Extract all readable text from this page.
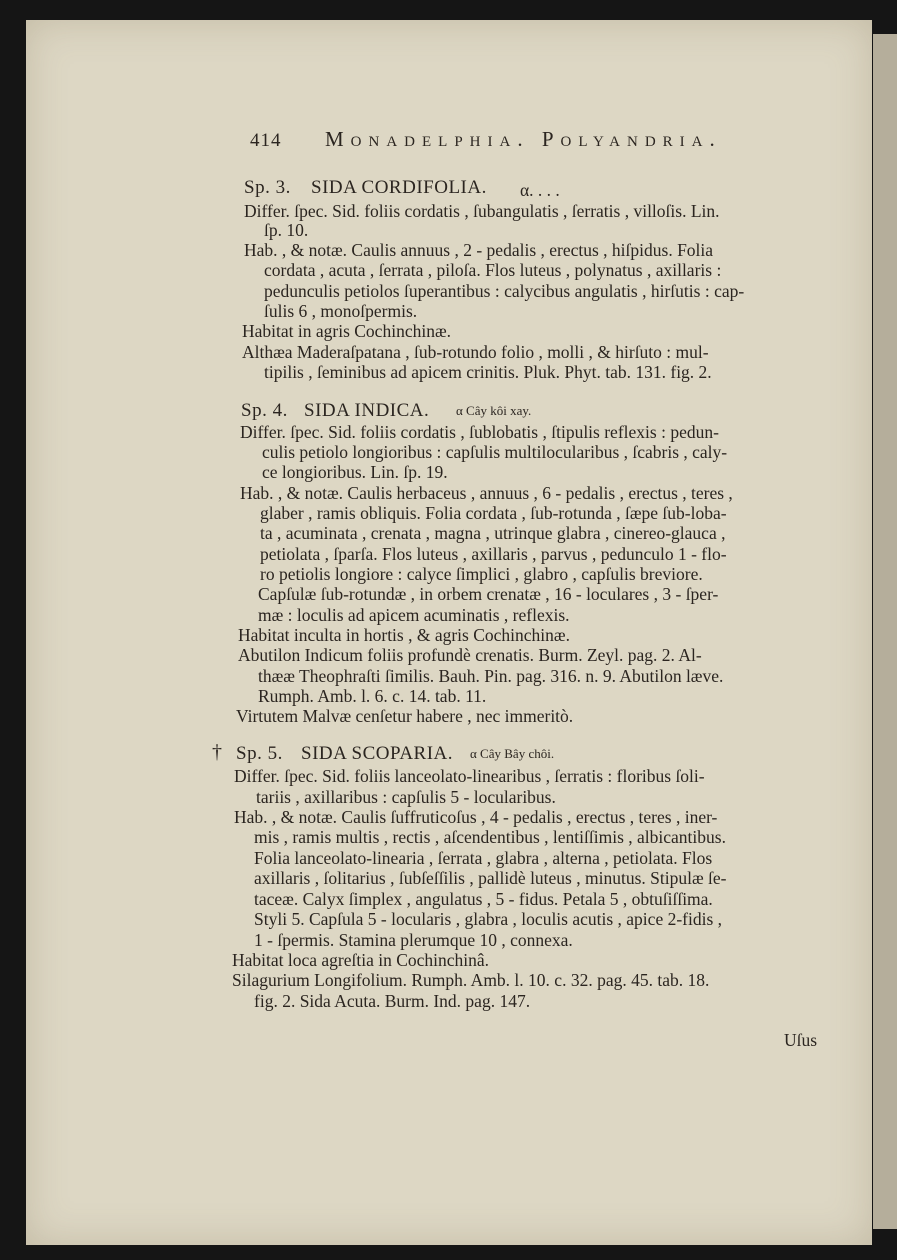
414 Monadelphia. Polyandria.
Sp. 3. SIDA CORDIFOLIA. α. . . .
Differ. ſpec. Sid. foliis cordatis , ſubangulatis , ſerratis , villoſis. Lin.
ſp. 10.
Hab. , & notæ. Caulis annuus , 2 - pedalis , erectus , hiſpidus. Folia
cordata , acuta , ſerrata , piloſa. Flos luteus , polynatus , axillaris :
pedunculis petiolos ſuperantibus : calycibus angulatis , hirſutis : cap-
ſulis 6 , monoſpermis.
Habitat in agris Cochinchinæ.
Althæa Maderaſpatana , ſub-rotundo folio , molli , & hirſuto : mul-
tipilis , ſeminibus ad apicem crinitis. Pluk. Phyt. tab. 131. fig. 2.
Sp. 4. SIDA INDICA. α Cây kôi xay.
Differ. ſpec. Sid. foliis cordatis , ſublobatis , ſtipulis reflexis : pedun-
culis petiolo longioribus : capſulis multilocularibus , ſcabris , caly-
ce longioribus. Lin. ſp. 19.
Hab. , & notæ. Caulis herbaceus , annuus , 6 - pedalis , erectus , teres ,
glaber , ramis obliquis. Folia cordata , ſub-rotunda , ſæpe ſub-loba-
ta , acuminata , crenata , magna , utrinque glabra , cinereo-glauca ,
petiolata , ſparſa. Flos luteus , axillaris , parvus , pedunculo 1 - flo-
ro petiolis longiore : calyce ſimplici , glabro , capſulis breviore.
Capſulæ ſub-rotundæ , in orbem crenatæ , 16 - loculares , 3 - ſper-
mæ : loculis ad apicem acuminatis , reflexis.
Habitat inculta in hortis , & agris Cochinchinæ.
Abutilon Indicum foliis profundè crenatis. Burm. Zeyl. pag. 2. Al-
thææ Theophraſti ſimilis. Bauh. Pin. pag. 316. n. 9. Abutilon læve.
Rumph. Amb. l. 6. c. 14. tab. 11.
Virtutem Malvæ cenſetur habere , nec immeritò.
† Sp. 5. SIDA SCOPARIA. α Cây Bây chôi.
Differ. ſpec. Sid. foliis lanceolato-linearibus , ſerratis : floribus ſoli-
tariis , axillaribus : capſulis 5 - locularibus.
Hab. , & notæ. Caulis ſuffruticoſus , 4 - pedalis , erectus , teres , iner-
mis , ramis multis , rectis , aſcendentibus , lentiſſimis , albicantibus.
Folia lanceolato-linearia , ſerrata , glabra , alterna , petiolata. Flos
axillaris , ſolitarius , ſubſeſſilis , pallidè luteus , minutus. Stipulæ ſe-
taceæ. Calyx ſimplex , angulatus , 5 - fidus. Petala 5 , obtuſiſſima.
Styli 5. Capſula 5 - locularis , glabra , loculis acutis , apice 2-fidis ,
1 - ſpermis. Stamina plerumque 10 , connexa.
Habitat loca agreſtia in Cochinchinâ.
Silagurium Longifolium. Rumph. Amb. l. 10. c. 32. pag. 45. tab. 18.
fig. 2. Sida Acuta. Burm. Ind. pag. 147.
Uſus
